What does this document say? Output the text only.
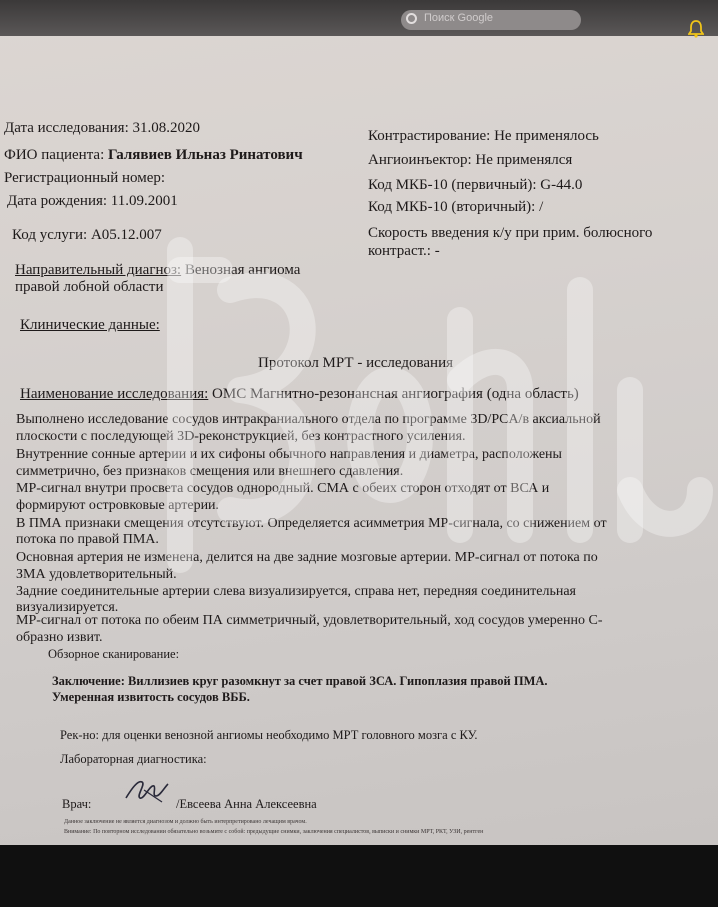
Поиск Google
Дата исследования: 31.08.2020
ФИО пациента: Галявиев Ильназ Ринатович
Регистрационный номер:
Дата рождения: 11.09.2001
Код услуги: A05.12.007
Контрастирование: Не применялось
Ангиоинъектор: Не применялся
Код МКБ-10 (первичный): G-44.0
Код МКБ-10 (вторичный): /
Скорость введения к/у при прим. болюсного
контраст.: -
Направительный диагноз: Венозная ангиома
правой лобной области
Клинические данные:
Протокол МРТ - исследования
Наименование исследования: ОМС Магнитно-резонансная ангиография (одна область)
Выполнено исследование сосудов интракраниального отдела по программе 3D/PCA/в аксиальной
плоскости с последующей 3D-реконструкцией, без контрастного усиления.
Внутренние сонные артерии и их сифоны обычного направления и диаметра, расположены
симметрично, без признаков смещения или внешнего сдавления.
МР-сигнал внутри просвета сосудов однородный. СМА с обеих сторон отходят от ВСА и
формируют островковые артерии.
В ПМА признаки смещения отсутствуют. Определяется асимметрия МР-сигнала, со снижением от
потока по правой ПМА.
Основная артерия не изменена, делится на две задние мозговые артерии. МР-сигнал от потока по
ЗМА удовлетворительный.
Задние соединительные артерии слева визуализируется, справа нет, передняя соединительная
визуализируется.
МР-сигнал от потока по обеим ПА симметричный, удовлетворительный, ход сосудов умеренно С-
образно извит.
Обзорное сканирование:
Заключение: Виллизиев круг разомкнут за счет правой ЗСА. Гипоплазия правой ПМА.
Умеренная извитость сосудов ВББ.
Рек-но: для оценки венозной ангиомы необходимо МРТ головного мозга с КУ.
Лабораторная диагностика:
Врач:	/Евсеева Анна Алексеевна
Данное заключение не является диагнозом и должно быть интерпретировано лечащим врачом.
Внимание: По повторном исследовании обязательно возьмите с собой: предыдущие снимки, заключения специалистов, выписки и снимки МРТ, РКТ, УЗИ, рентген
